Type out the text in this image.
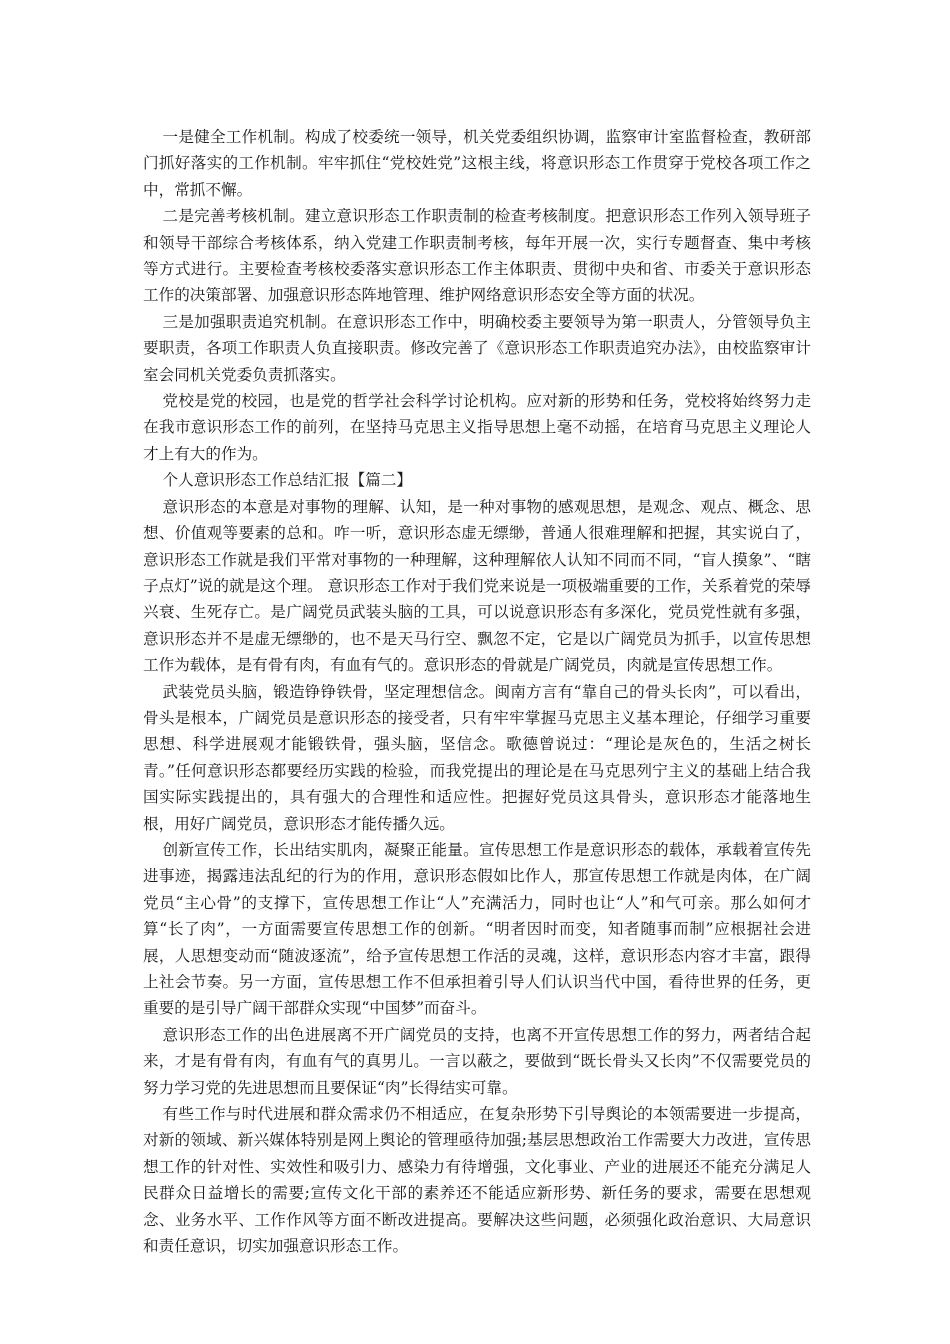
一是健全工作机制。构成了校委统一领导，机关党委组织协调，监察审计室监督检查，教研部门抓好落实的工作机制。牢牢抓住“党校姓党”这根主线，将意识形态工作贯穿于党校各项工作之中，常抓不懈。

二是完善考核机制。建立意识形态工作职责制的检查考核制度。把意识形态工作列入领导班子和领导干部综合考核体系，纳入党建工作职责制考核，每年开展一次，实行专题督查、集中考核等方式进行。主要检查考核校委落实意识形态工作主体职责、贯彻中央和省、市委关于意识形态工作的决策部署、加强意识形态阵地管理、维护网络意识形态安全等方面的状况。

三是加强职责追究机制。在意识形态工作中，明确校委主要领导为第一职责人，分管领导负主要职责，各项工作职责人负直接职责。修改完善了《意识形态工作职责追究办法》，由校监察审计室会同机关党委负责抓落实。

党校是党的校园，也是党的哲学社会科学讨论机构。应对新的形势和任务，党校将始终努力走在我市意识形态工作的前列，在坚持马克思主义指导思想上毫不动摇，在培育马克思主义理论人才上有大的作为。

个人意识形态工作总结汇报【篇二】

意识形态的本意是对事物的理解、认知，是一种对事物的感观思想，是观念、观点、概念、思想、价值观等要素的总和。咋一听，意识形态虚无缥缈，普通人很难理解和把握，其实说白了，意识形态工作就是我们平常对事物的一种理解，这种理解依人认知不同而不同，“盲人摸象”、“瞎子点灯”说的就是这个理。 意识形态工作对于我们党来说是一项极端重要的工作，关系着党的荣辱兴衰、生死存亡。是广阔党员武装头脑的工具，可以说意识形态有多深化，党员党性就有多强，意识形态并不是虚无缥缈的，也不是天马行空、飘忽不定，它是以广阔党员为抓手，以宣传思想工作为载体，是有骨有肉，有血有气的。意识形态的骨就是广阔党员，肉就是宣传思想工作。

武装党员头脑，锻造铮铮铁骨，坚定理想信念。闽南方言有“靠自己的骨头长肉”，可以看出，骨头是根本，广阔党员是意识形态的接受者，只有牢牢掌握马克思主义基本理论，仔细学习重要思想、科学进展观才能锻铁骨，强头脑，坚信念。歌德曾说过：“理论是灰色的，生活之树长青。”任何意识形态都要经历实践的检验，而我党提出的理论是在马克思列宁主义的基础上结合我国实际实践提出的，具有强大的合理性和适应性。把握好党员这具骨头，意识形态才能落地生根，用好广阔党员，意识形态才能传播久远。

创新宣传工作，长出结实肌肉，凝聚正能量。宣传思想工作是意识形态的载体，承载着宣传先进事迹，揭露违法乱纪的行为的作用，意识形态假如比作人，那宣传思想工作就是肉体，在广阔党员“主心骨”的支撑下，宣传思想工作让“人”充满活力，同时也让“人”和气可亲。那么如何才算“长了肉”，一方面需要宣传思想工作的创新。“明者因时而变，知者随事而制”应根据社会进展，人思想变动而“随波逐流”，给予宣传思想工作活的灵魂，这样，意识形态内容才丰富，跟得上社会节奏。另一方面，宣传思想工作不但承担着引导人们认识当代中国，看待世界的任务，更重要的是引导广阔干部群众实现“中国梦”而奋斗。

意识形态工作的出色进展离不开广阔党员的支持，也离不开宣传思想工作的努力，两者结合起来，才是有骨有肉，有血有气的真男儿。一言以蔽之，要做到“既长骨头又长肉”不仅需要党员的努力学习党的先进思想而且要保证“肉”长得结实可靠。

有些工作与时代进展和群众需求仍不相适应，在复杂形势下引导舆论的本领需要进一步提高，对新的领域、新兴媒体特别是网上舆论的管理亟待加强;基层思想政治工作需要大力改进，宣传思想工作的针对性、实效性和吸引力、感染力有待增强，文化事业、产业的进展还不能充分满足人民群众日益增长的需要;宣传文化干部的素养还不能适应新形势、新任务的要求，需要在思想观念、业务水平、工作作风等方面不断改进提高。要解决这些问题，必须强化政治意识、大局意识和责任意识，切实加强意识形态工作。
